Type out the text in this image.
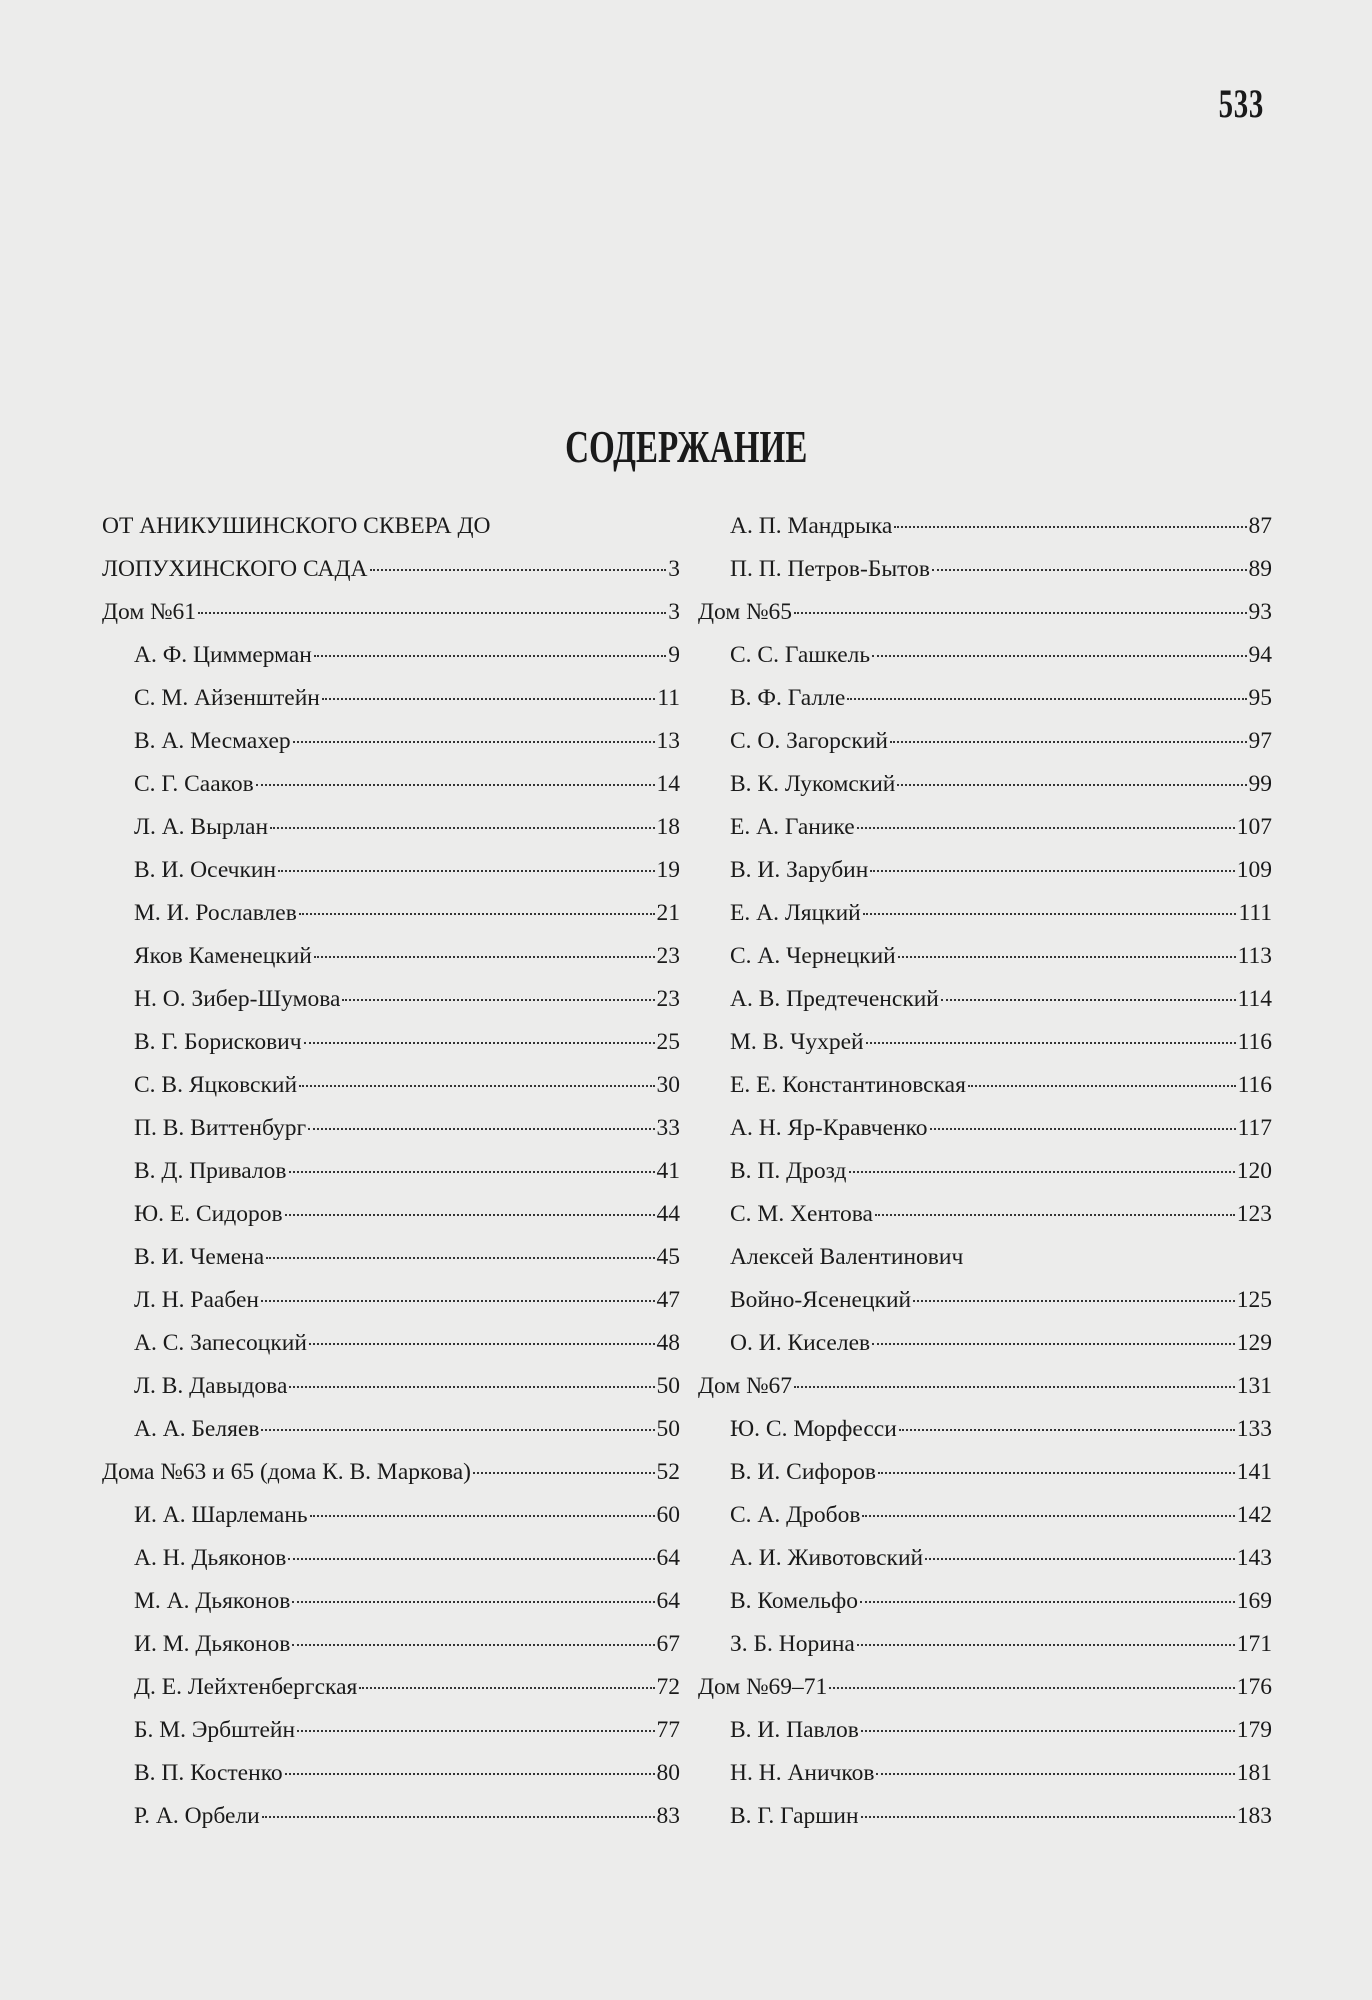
533
СОДЕРЖАНИЕ
ОТ АНИКУШИНСКОГО СКВЕРА ДО
ЛОПУХИНСКОГО САДА	3
Дом №61	3
А. Ф. Циммерман	9
С. М. Айзенштейн	11
В. А. Месмахер	13
С. Г. Сааков	14
Л. А. Вырлан	18
В. И. Осечкин	19
М. И. Рославлев	21
Яков Каменецкий	23
Н. О. Зибер-Шумова	23
В. Г. Борискович	25
С. В. Яцковский	30
П. В. Виттенбург	33
В. Д. Привалов	41
Ю. Е. Сидоров	44
В. И. Чемена	45
Л. Н. Раабен	47
А. С. Запесоцкий	48
Л. В. Давыдова	50
А. А. Беляев	50
Дома №63 и 65 (дома К. В. Маркова)	52
И. А. Шарлемань	60
А. Н. Дьяконов	64
М. А. Дьяконов	64
И. М. Дьяконов	67
Д. Е. Лейхтенбергская	72
Б. М. Эрбштейн	77
В. П. Костенко	80
Р. А. Орбели	83
А. П. Мандрыка	87
П. П. Петров-Бытов	89
Дом №65	93
С. С. Гашкель	94
В. Ф. Галле	95
С. О. Загорский	97
В. К. Лукомский	99
Е. А. Ганике	107
В. И. Зарубин	109
Е. А. Ляцкий	111
С. А. Чернецкий	113
А. В. Предтеченский	114
М. В. Чухрей	116
Е. Е. Константиновская	116
А. Н. Яр-Кравченко	117
В. П. Дрозд	120
С. М. Хентова	123
Алексей Валентинович
Войно-Ясенецкий	125
О. И. Киселев	129
Дом №67	131
Ю. С. Морфесси	133
В. И. Сифоров	141
С. А. Дробов	142
А. И. Животовский	143
В. Комельфо	169
З. Б. Норина	171
Дом №69–71	176
В. И. Павлов	179
Н. Н. Аничков	181
В. Г. Гаршин	183
